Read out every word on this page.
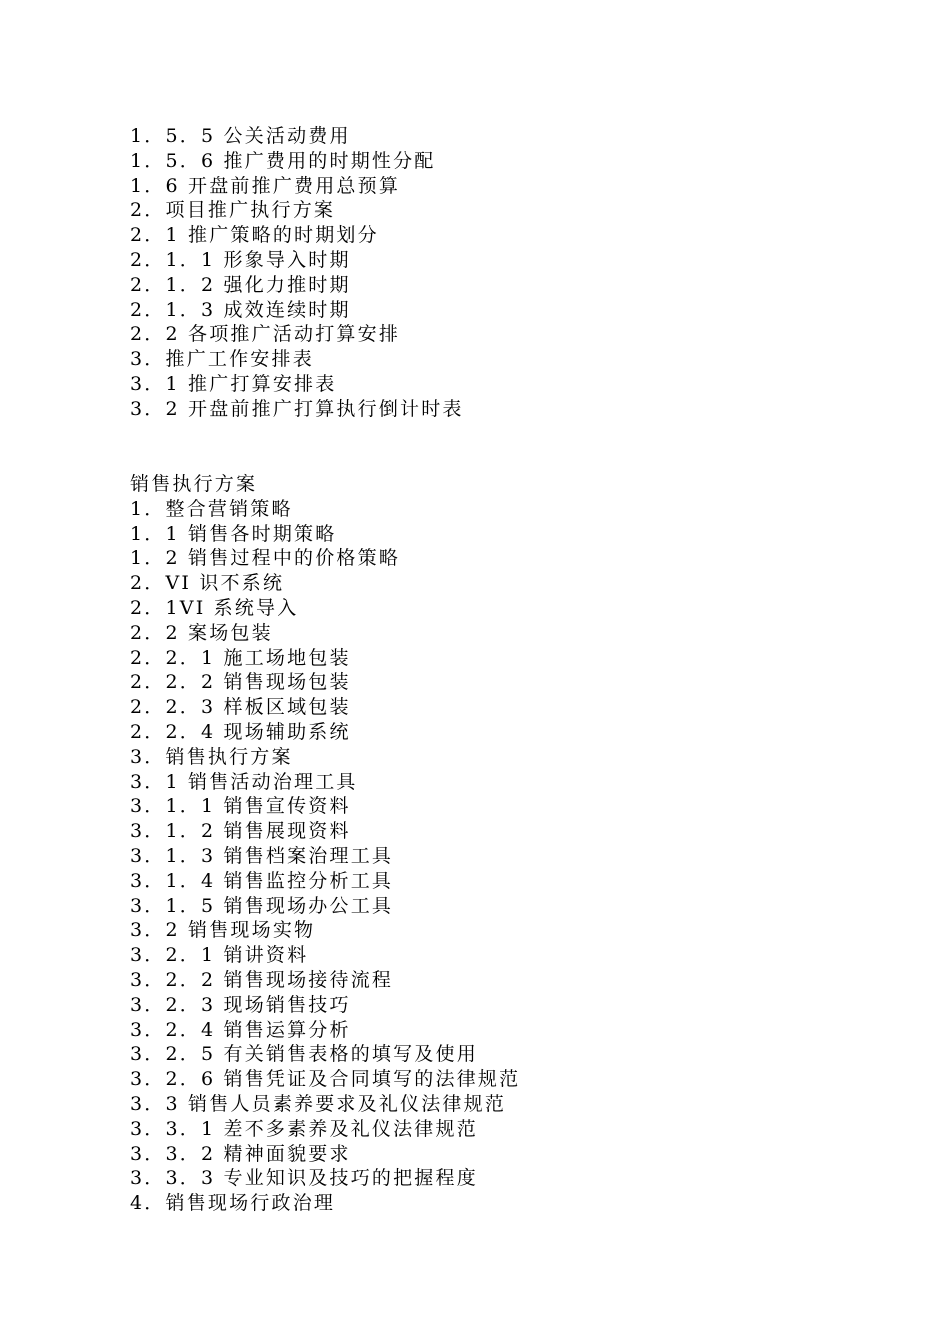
1．5．5 公关活动费用
1．5．6 推广费用的时期性分配
1．6 开盘前推广费用总预算
2．项目推广执行方案
2．1 推广策略的时期划分
2．1．1 形象导入时期
2．1．2 强化力推时期
2．1．3 成效连续时期
2．2 各项推广活动打算安排
3．推广工作安排表
3．1 推广打算安排表
3．2 开盘前推广打算执行倒计时表
销售执行方案
1．整合营销策略
1．1 销售各时期策略
1．2 销售过程中的价格策略
2．VI 识不系统
2．1VI 系统导入
2．2 案场包装
2．2．1 施工场地包装
2．2．2 销售现场包装
2．2．3 样板区域包装
2．2．4 现场辅助系统
3．销售执行方案
3．1 销售活动治理工具
3．1．1 销售宣传资料
3．1．2 销售展现资料
3．1．3 销售档案治理工具
3．1．4 销售监控分析工具
3．1．5 销售现场办公工具
3．2 销售现场实物
3．2．1 销讲资料
3．2．2 销售现场接待流程
3．2．3 现场销售技巧
3．2．4 销售运算分析
3．2．5 有关销售表格的填写及使用
3．2．6 销售凭证及合同填写的法律规范
3．3 销售人员素养要求及礼仪法律规范
3．3．1 差不多素养及礼仪法律规范
3．3．2 精神面貌要求
3．3．3 专业知识及技巧的把握程度
4．销售现场行政治理
